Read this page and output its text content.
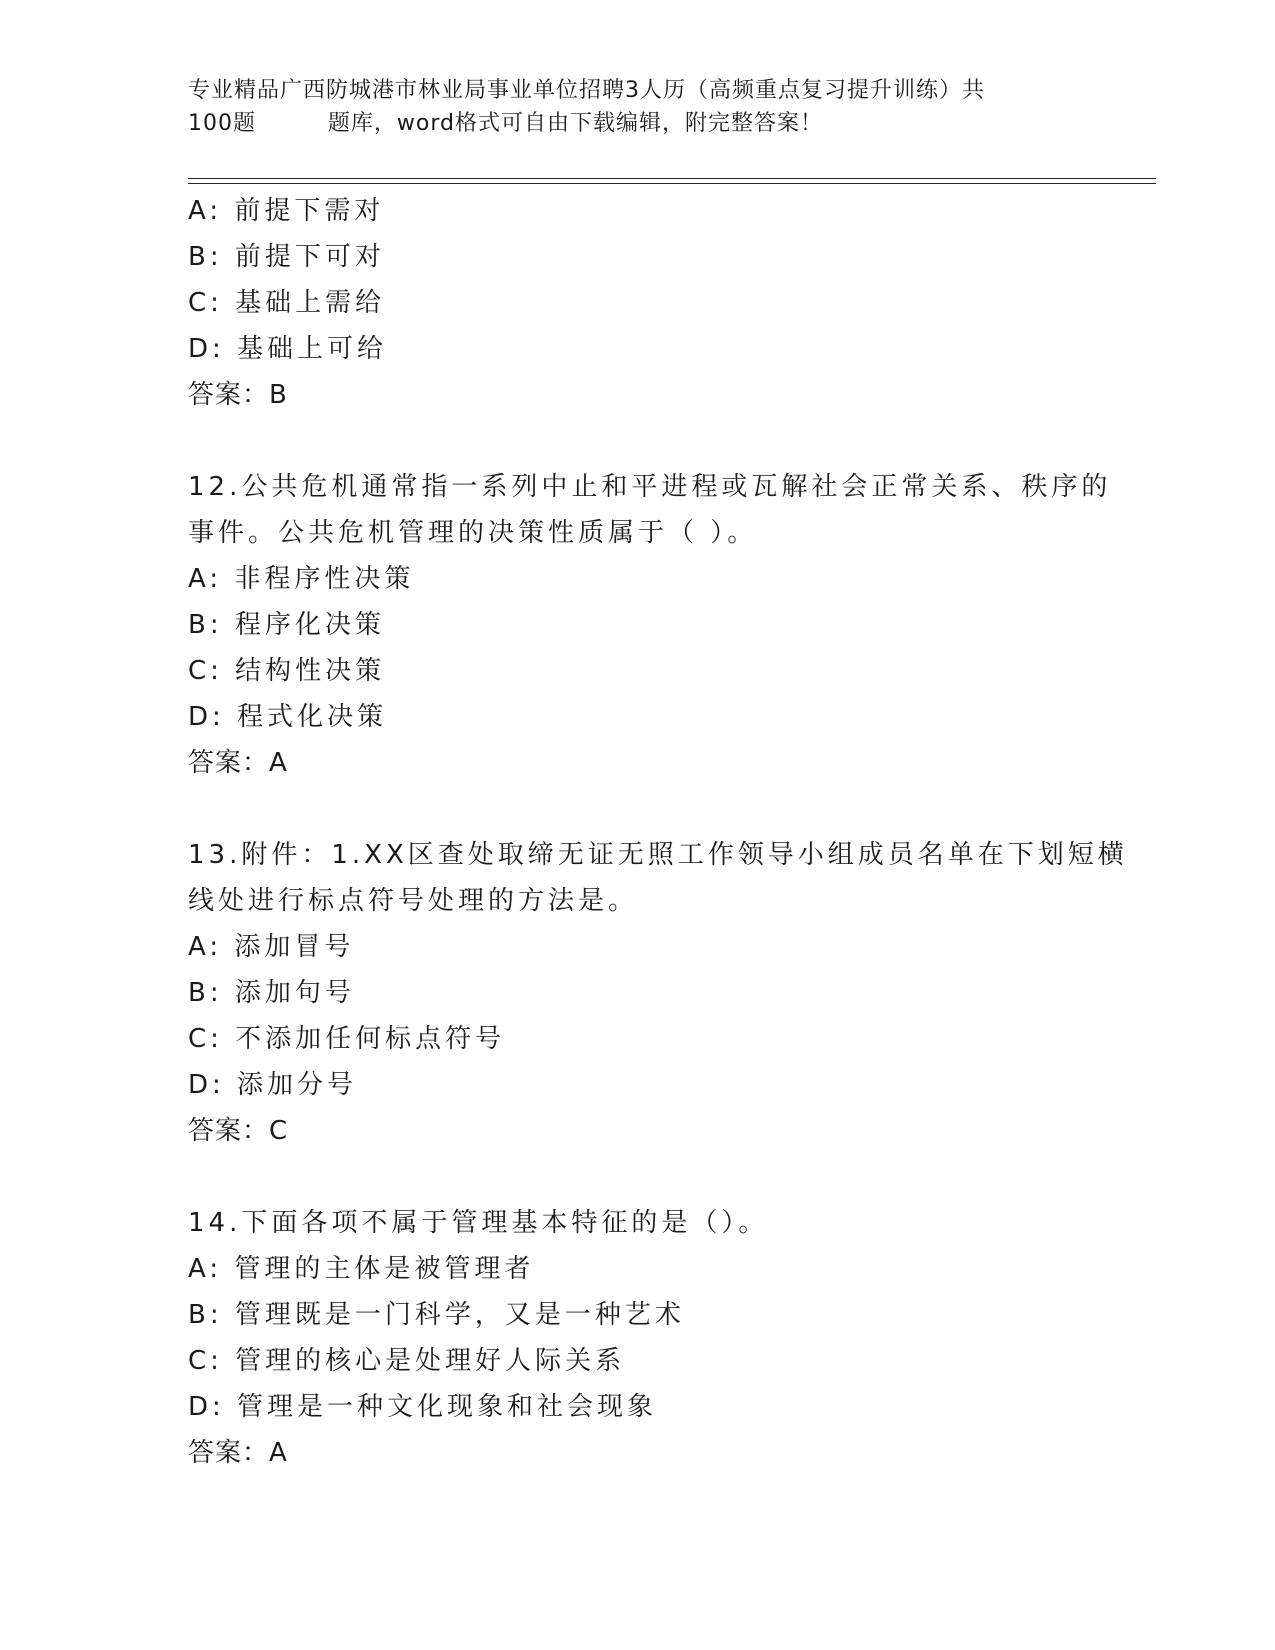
专业精品广西防城港市林业局事业单位招聘3人历（高频重点复习提升训练）共
100题         题库，word格式可自由下载编辑，附完整答案！
A: 前提下需对
B: 前提下可对
C: 基础上需给
D: 基础上可给
答案：B
12.公共危机通常指一系列中止和平进程或瓦解社会正常关系、秩序的
事件。公共危机管理的决策性质属于（ ）。
A: 非程序性决策
B: 程序化决策
C: 结构性决策
D: 程式化决策
答案：A
13.附件：1.XX区查处取缔无证无照工作领导小组成员名单在下划短横
线处进行标点符号处理的方法是。
A: 添加冒号
B: 添加句号
C: 不添加任何标点符号
D: 添加分号
答案：C
14.下面各项不属于管理基本特征的是（）。
A: 管理的主体是被管理者
B: 管理既是一门科学，又是一种艺术
C: 管理的核心是处理好人际关系
D: 管理是一种文化现象和社会现象
答案：A
